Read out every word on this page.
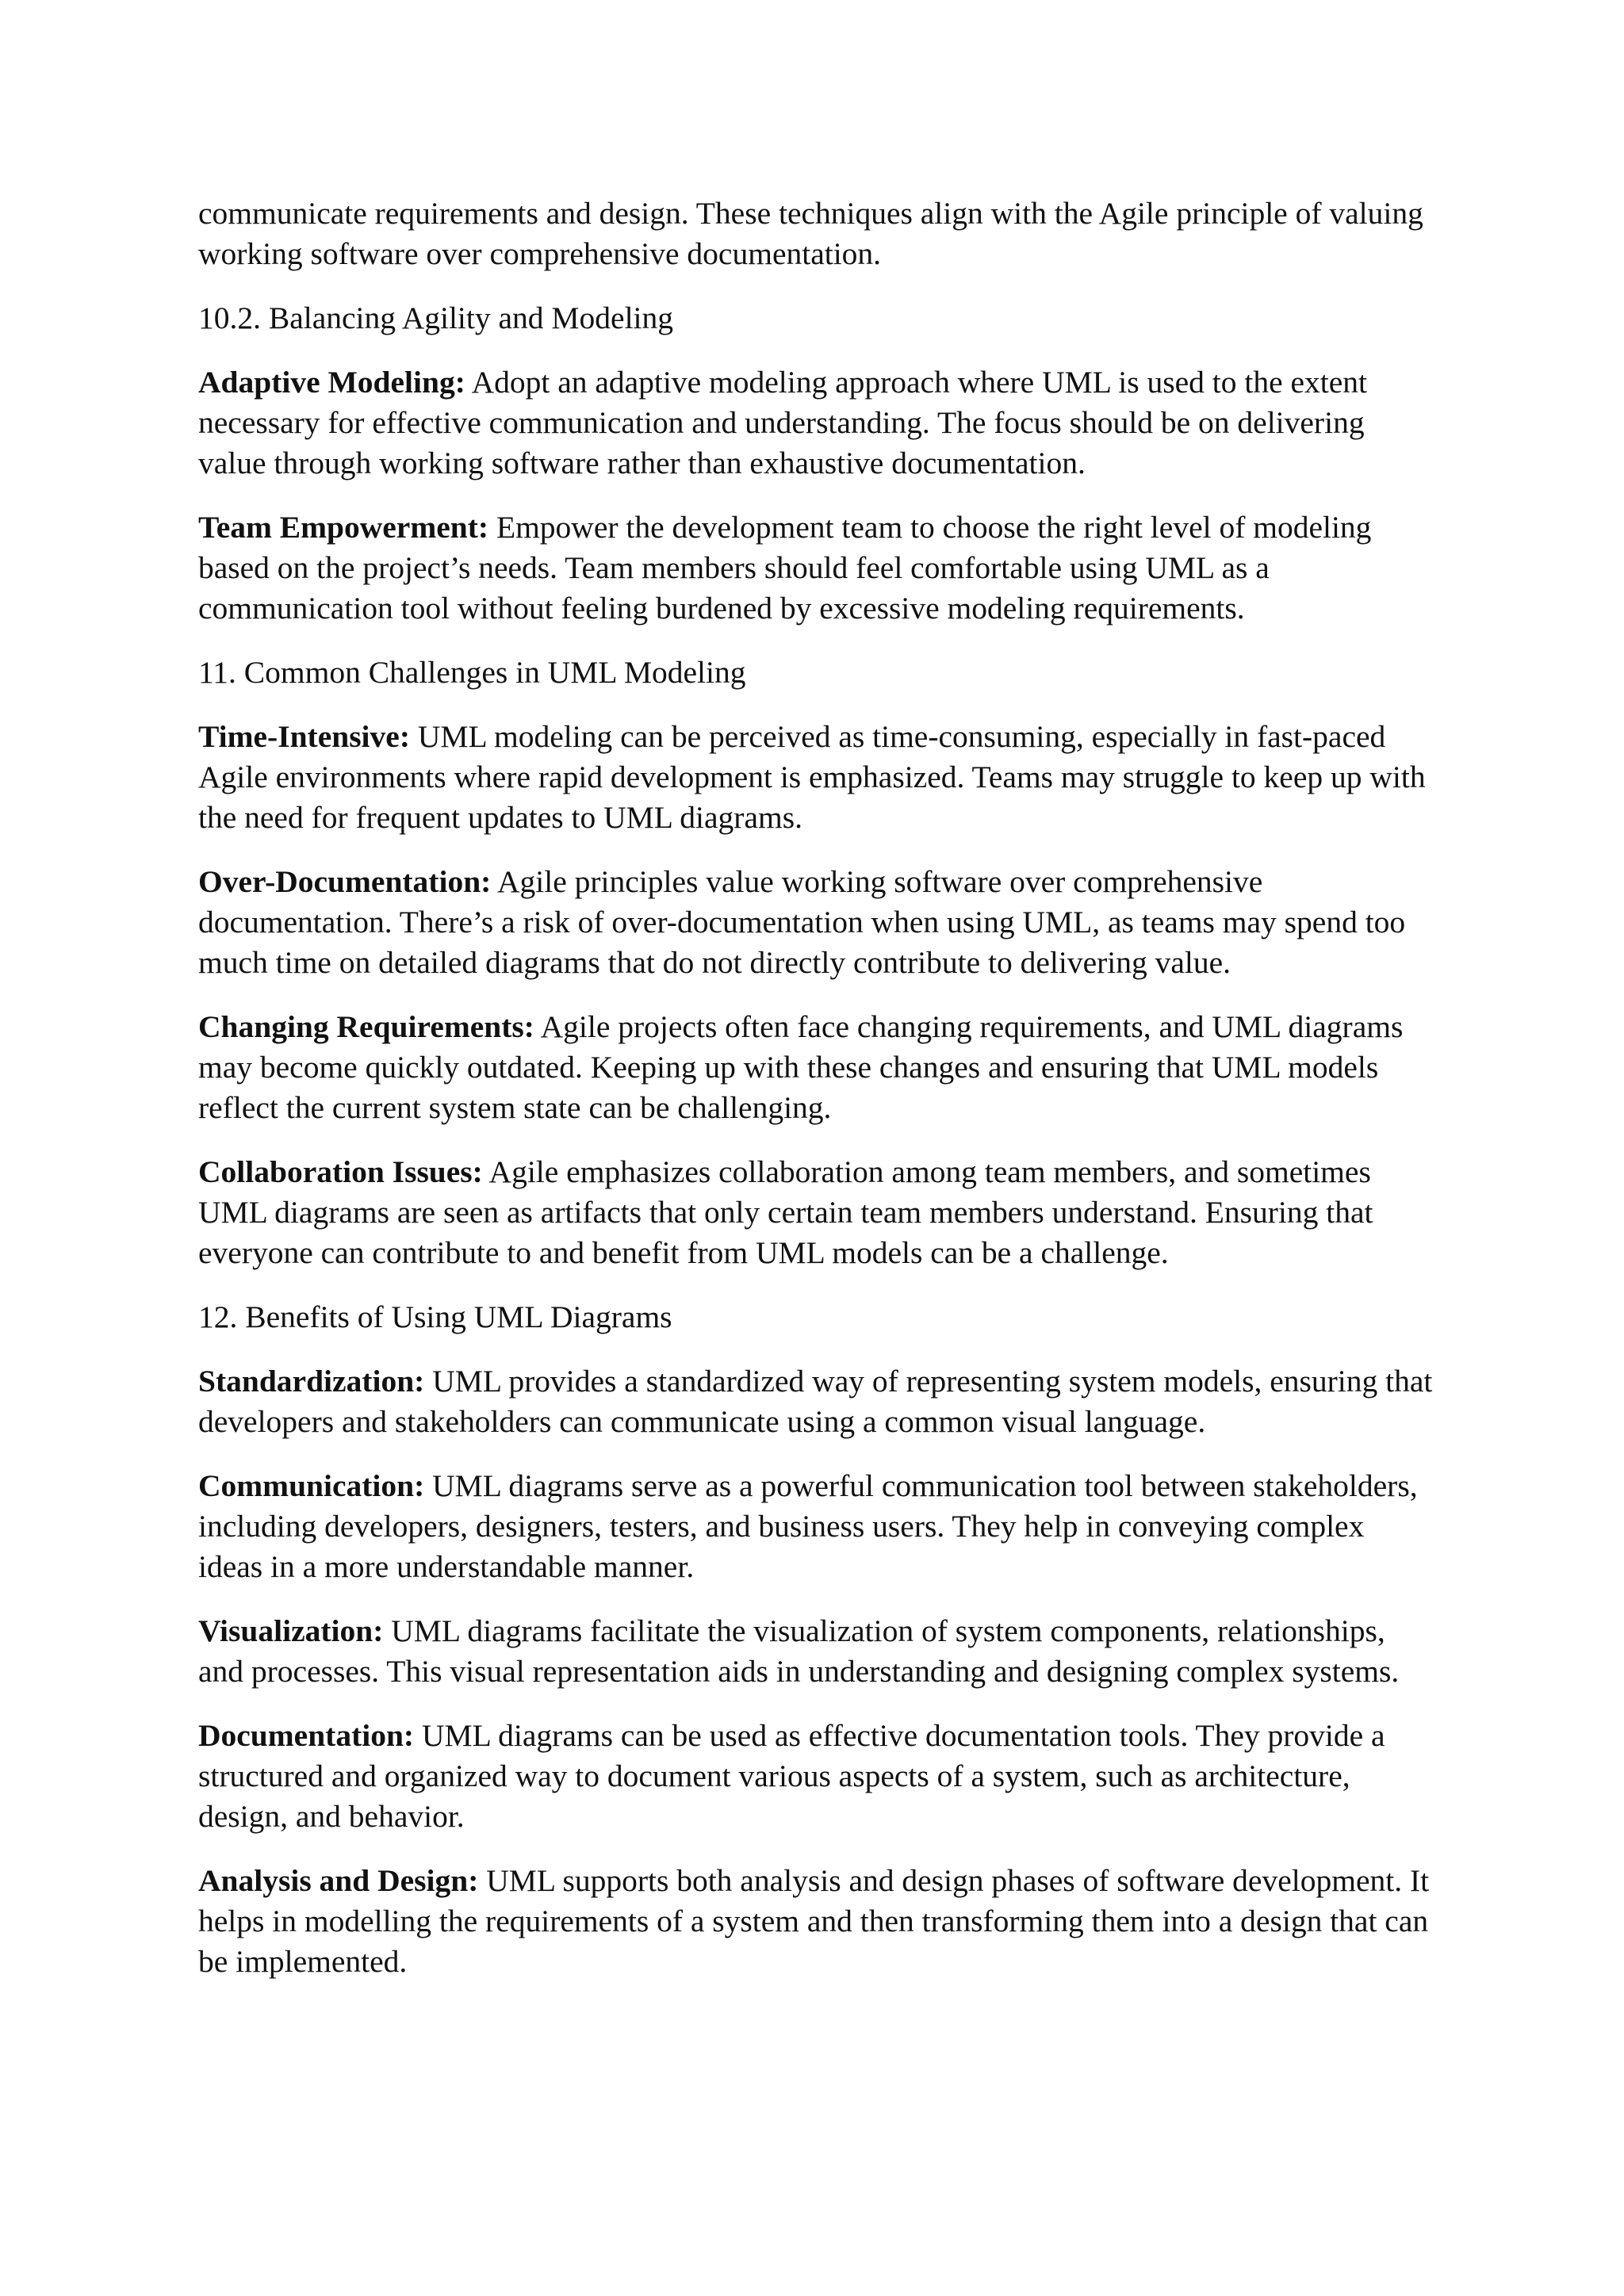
communicate requirements and design. These techniques align with the Agile principle of valuing working software over comprehensive documentation.

10.2. Balancing Agility and Modeling

Adaptive Modeling: Adopt an adaptive modeling approach where UML is used to the extent necessary for effective communication and understanding. The focus should be on delivering value through working software rather than exhaustive documentation.

Team Empowerment: Empower the development team to choose the right level of modeling based on the project’s needs. Team members should feel comfortable using UML as a communication tool without feeling burdened by excessive modeling requirements.

11. Common Challenges in UML Modeling

Time-Intensive: UML modeling can be perceived as time-consuming, especially in fast-paced Agile environments where rapid development is emphasized. Teams may struggle to keep up with the need for frequent updates to UML diagrams.

Over-Documentation: Agile principles value working software over comprehensive documentation. There’s a risk of over-documentation when using UML, as teams may spend too much time on detailed diagrams that do not directly contribute to delivering value.

Changing Requirements: Agile projects often face changing requirements, and UML diagrams may become quickly outdated. Keeping up with these changes and ensuring that UML models reflect the current system state can be challenging.

Collaboration Issues: Agile emphasizes collaboration among team members, and sometimes UML diagrams are seen as artifacts that only certain team members understand. Ensuring that everyone can contribute to and benefit from UML models can be a challenge.

12. Benefits of Using UML Diagrams

Standardization: UML provides a standardized way of representing system models, ensuring that developers and stakeholders can communicate using a common visual language.

Communication: UML diagrams serve as a powerful communication tool between stakeholders, including developers, designers, testers, and business users. They help in conveying complex ideas in a more understandable manner.

Visualization: UML diagrams facilitate the visualization of system components, relationships, and processes. This visual representation aids in understanding and designing complex systems.

Documentation: UML diagrams can be used as effective documentation tools. They provide a structured and organized way to document various aspects of a system, such as architecture, design, and behavior.

Analysis and Design: UML supports both analysis and design phases of software development. It helps in modelling the requirements of a system and then transforming them into a design that can be implemented.
